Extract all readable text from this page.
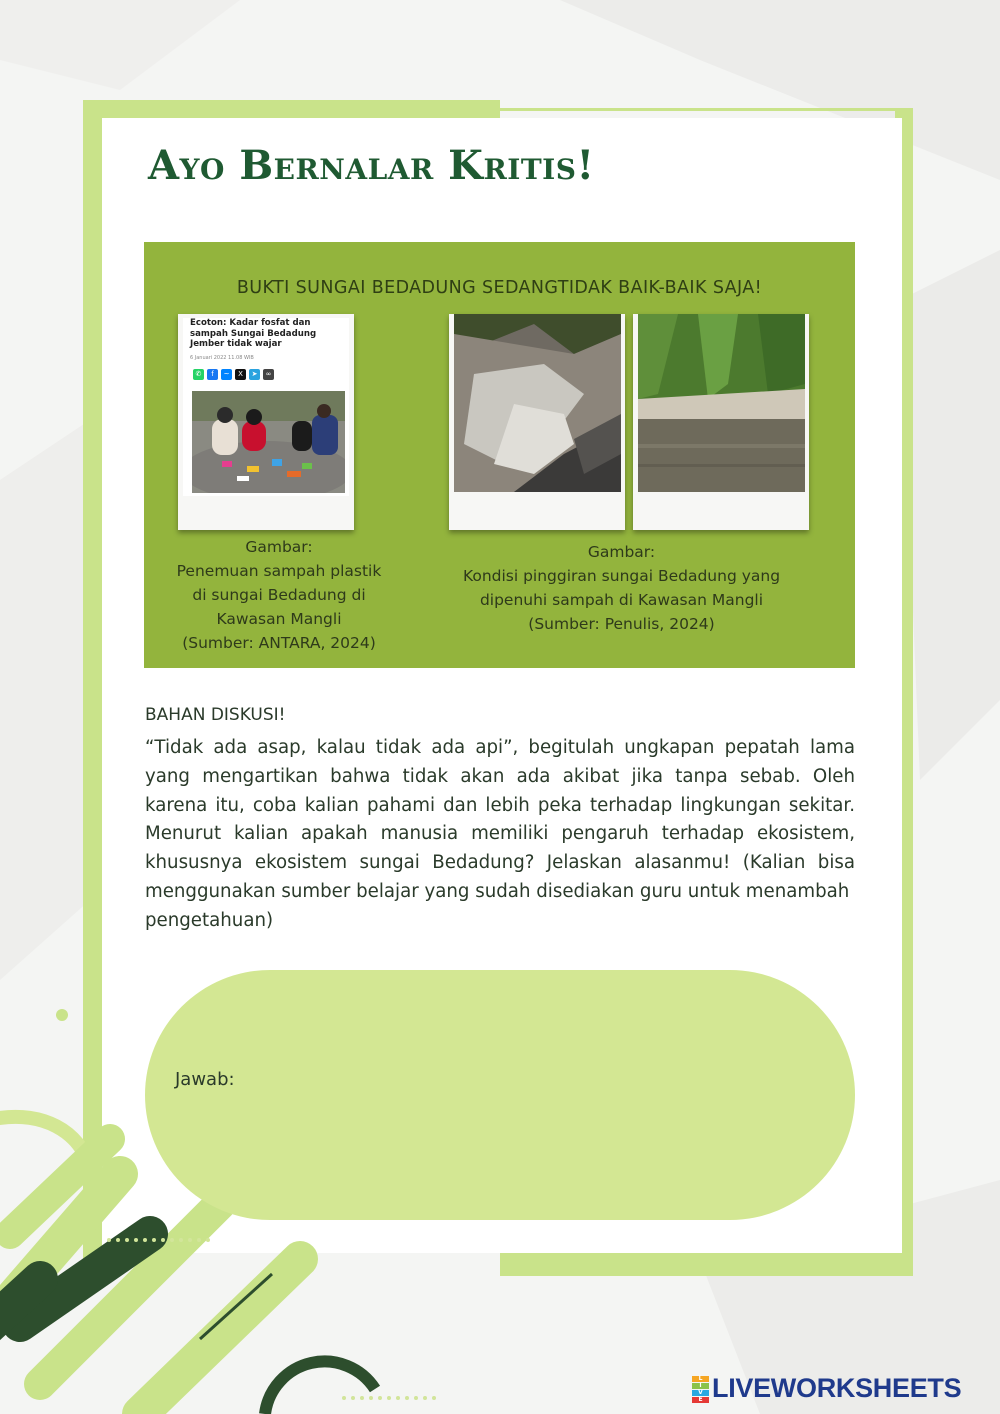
Ayo Bernalar Kritis!
BUKTI SUNGAI BEDADUNG SEDANGTIDAK BAIK-BAIK SAJA!
Ecoton: Kadar fosfat dan sampah Sungai Bedadung Jember tidak wajar
6 Januari 2022 11.08 WIB
✆	f	~	X	➤	∞
Gambar:
Penemuan sampah plastik
di sungai Bedadung di
Kawasan Mangli
(Sumber: ANTARA, 2024)
Gambar:
Kondisi pinggiran sungai Bedadung yang
dipenuhi sampah di Kawasan Mangli
(Sumber: Penulis, 2024)
BAHAN DISKUSI!
“Tidak ada asap, kalau tidak ada api”, begitulah ungkapan pepatah lama
yang mengartikan bahwa tidak akan ada akibat jika tanpa sebab. Oleh
karena itu, coba kalian pahami dan lebih peka terhadap lingkungan sekitar.
Menurut kalian apakah manusia memiliki pengaruh terhadap ekosistem,
khususnya ekosistem sungai Bedadung? Jelaskan alasanmu! (Kalian bisa
menggunakan sumber belajar yang sudah disediakan guru untuk menambah
pengetahuan)
Jawab:
L
I
V
E LIVEWORKSHEETS
